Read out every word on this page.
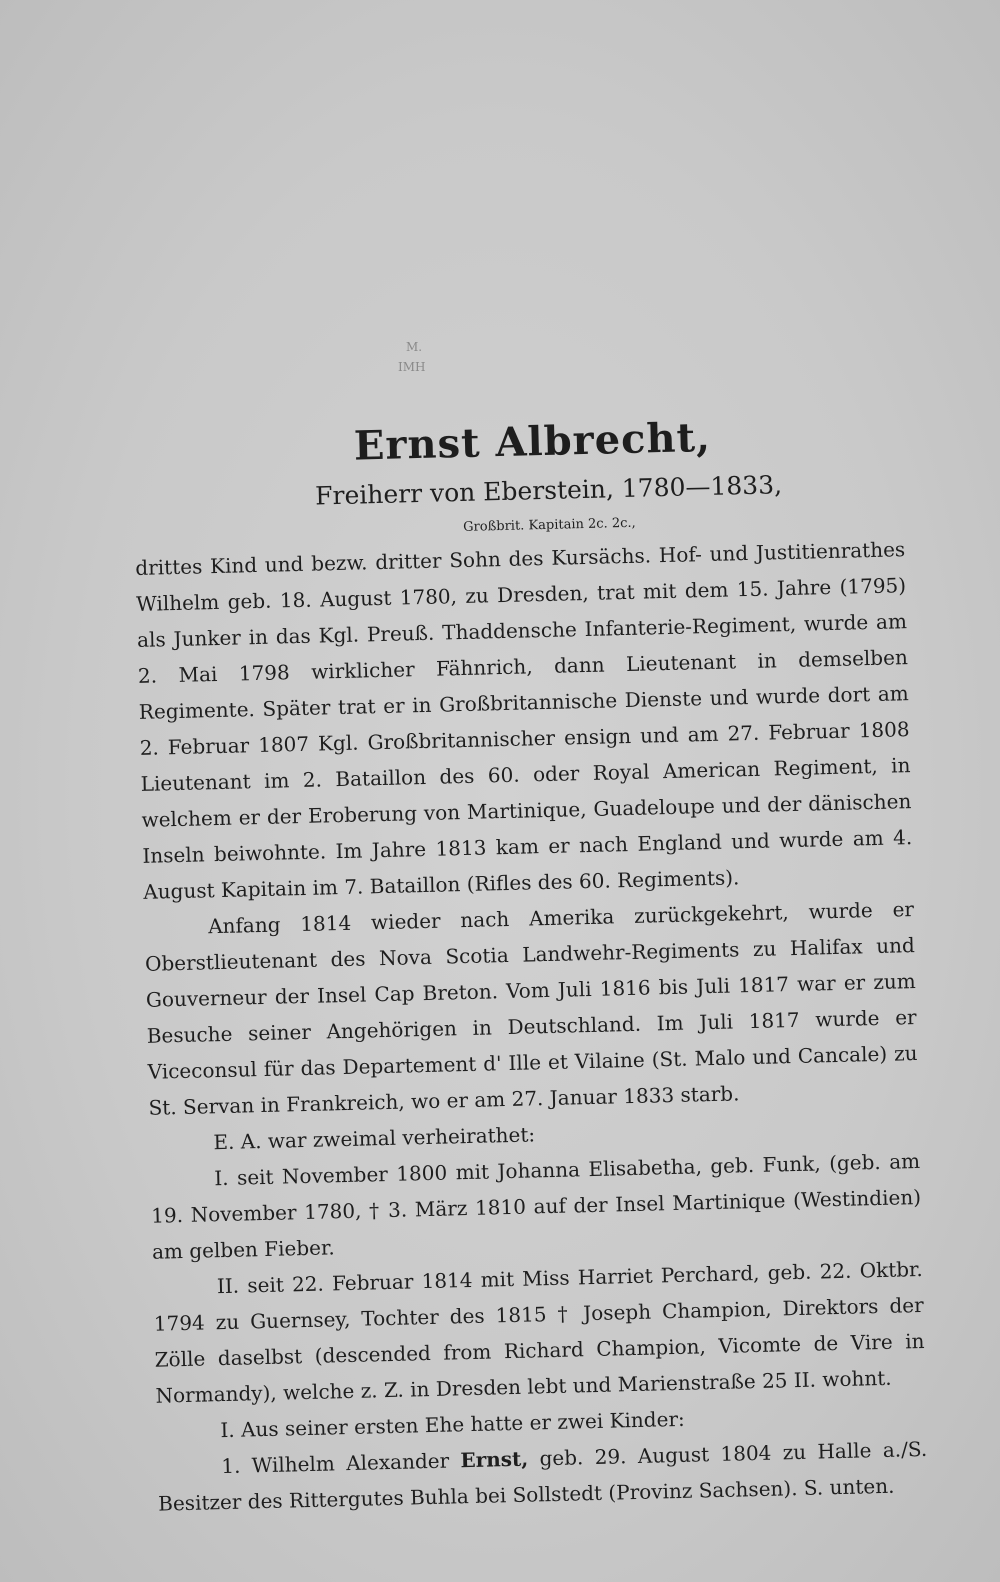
M.
IMH
Ernst Albrecht,
Freiherr von Eberstein, 1780—1833,
Großbrit. Kapitain 2c. 2c.,

drittes Kind und bezw. dritter Sohn des Kursächs. Hof- und Justitienrathes Wilhelm geb. 18. August 1780, zu Dresden, trat mit dem 15. Jahre (1795) als Junker in das Kgl. Preuß. Thaddensche Infanterie-Regiment, wurde am 2. Mai 1798 wirklicher Fähnrich, dann Lieutenant in demselben Regimente. Später trat er in Großbritannische Dienste und wurde dort am 2. Februar 1807 Kgl. Großbritannischer ensign und am 27. Februar 1808 Lieutenant im 2. Bataillon des 60. oder Royal American Regiment, in welchem er der Eroberung von Martinique, Guadeloupe und der dänischen Inseln beiwohnte. Im Jahre 1813 kam er nach England und wurde am 4. August Kapitain im 7. Bataillon (Rifles des 60. Regiments).

Anfang 1814 wieder nach Amerika zurückgekehrt, wurde er Oberstlieutenant des Nova Scotia Landwehr-Regiments zu Halifax und Gouverneur der Insel Cap Breton. Vom Juli 1816 bis Juli 1817 war er zum Besuche seiner Angehörigen in Deutschland. Im Juli 1817 wurde er Viceconsul für das Departement d' Ille et Vilaine (St. Malo und Cancale) zu St. Servan in Frankreich, wo er am 27. Januar 1833 starb.

E. A. war zweimal verheirathet:

I. seit November 1800 mit Johanna Elisabetha, geb. Funk, (geb. am 19. November 1780, † 3. März 1810 auf der Insel Martinique (Westindien) am gelben Fieber.

II. seit 22. Februar 1814 mit Miss Harriet Perchard, geb. 22. Oktbr. 1794 zu Guernsey, Tochter des 1815 † Joseph Champion, Direktors der Zölle daselbst (descended from Richard Champion, Vicomte de Vire in Normandy), welche z. Z. in Dresden lebt und Marienstraße 25 II. wohnt.

I. Aus seiner ersten Ehe hatte er zwei Kinder:

1. Wilhelm Alexander Ernst, geb. 29. August 1804 zu Halle a./S. Besitzer des Rittergutes Buhla bei Sollstedt (Provinz Sachsen). S. unten.
